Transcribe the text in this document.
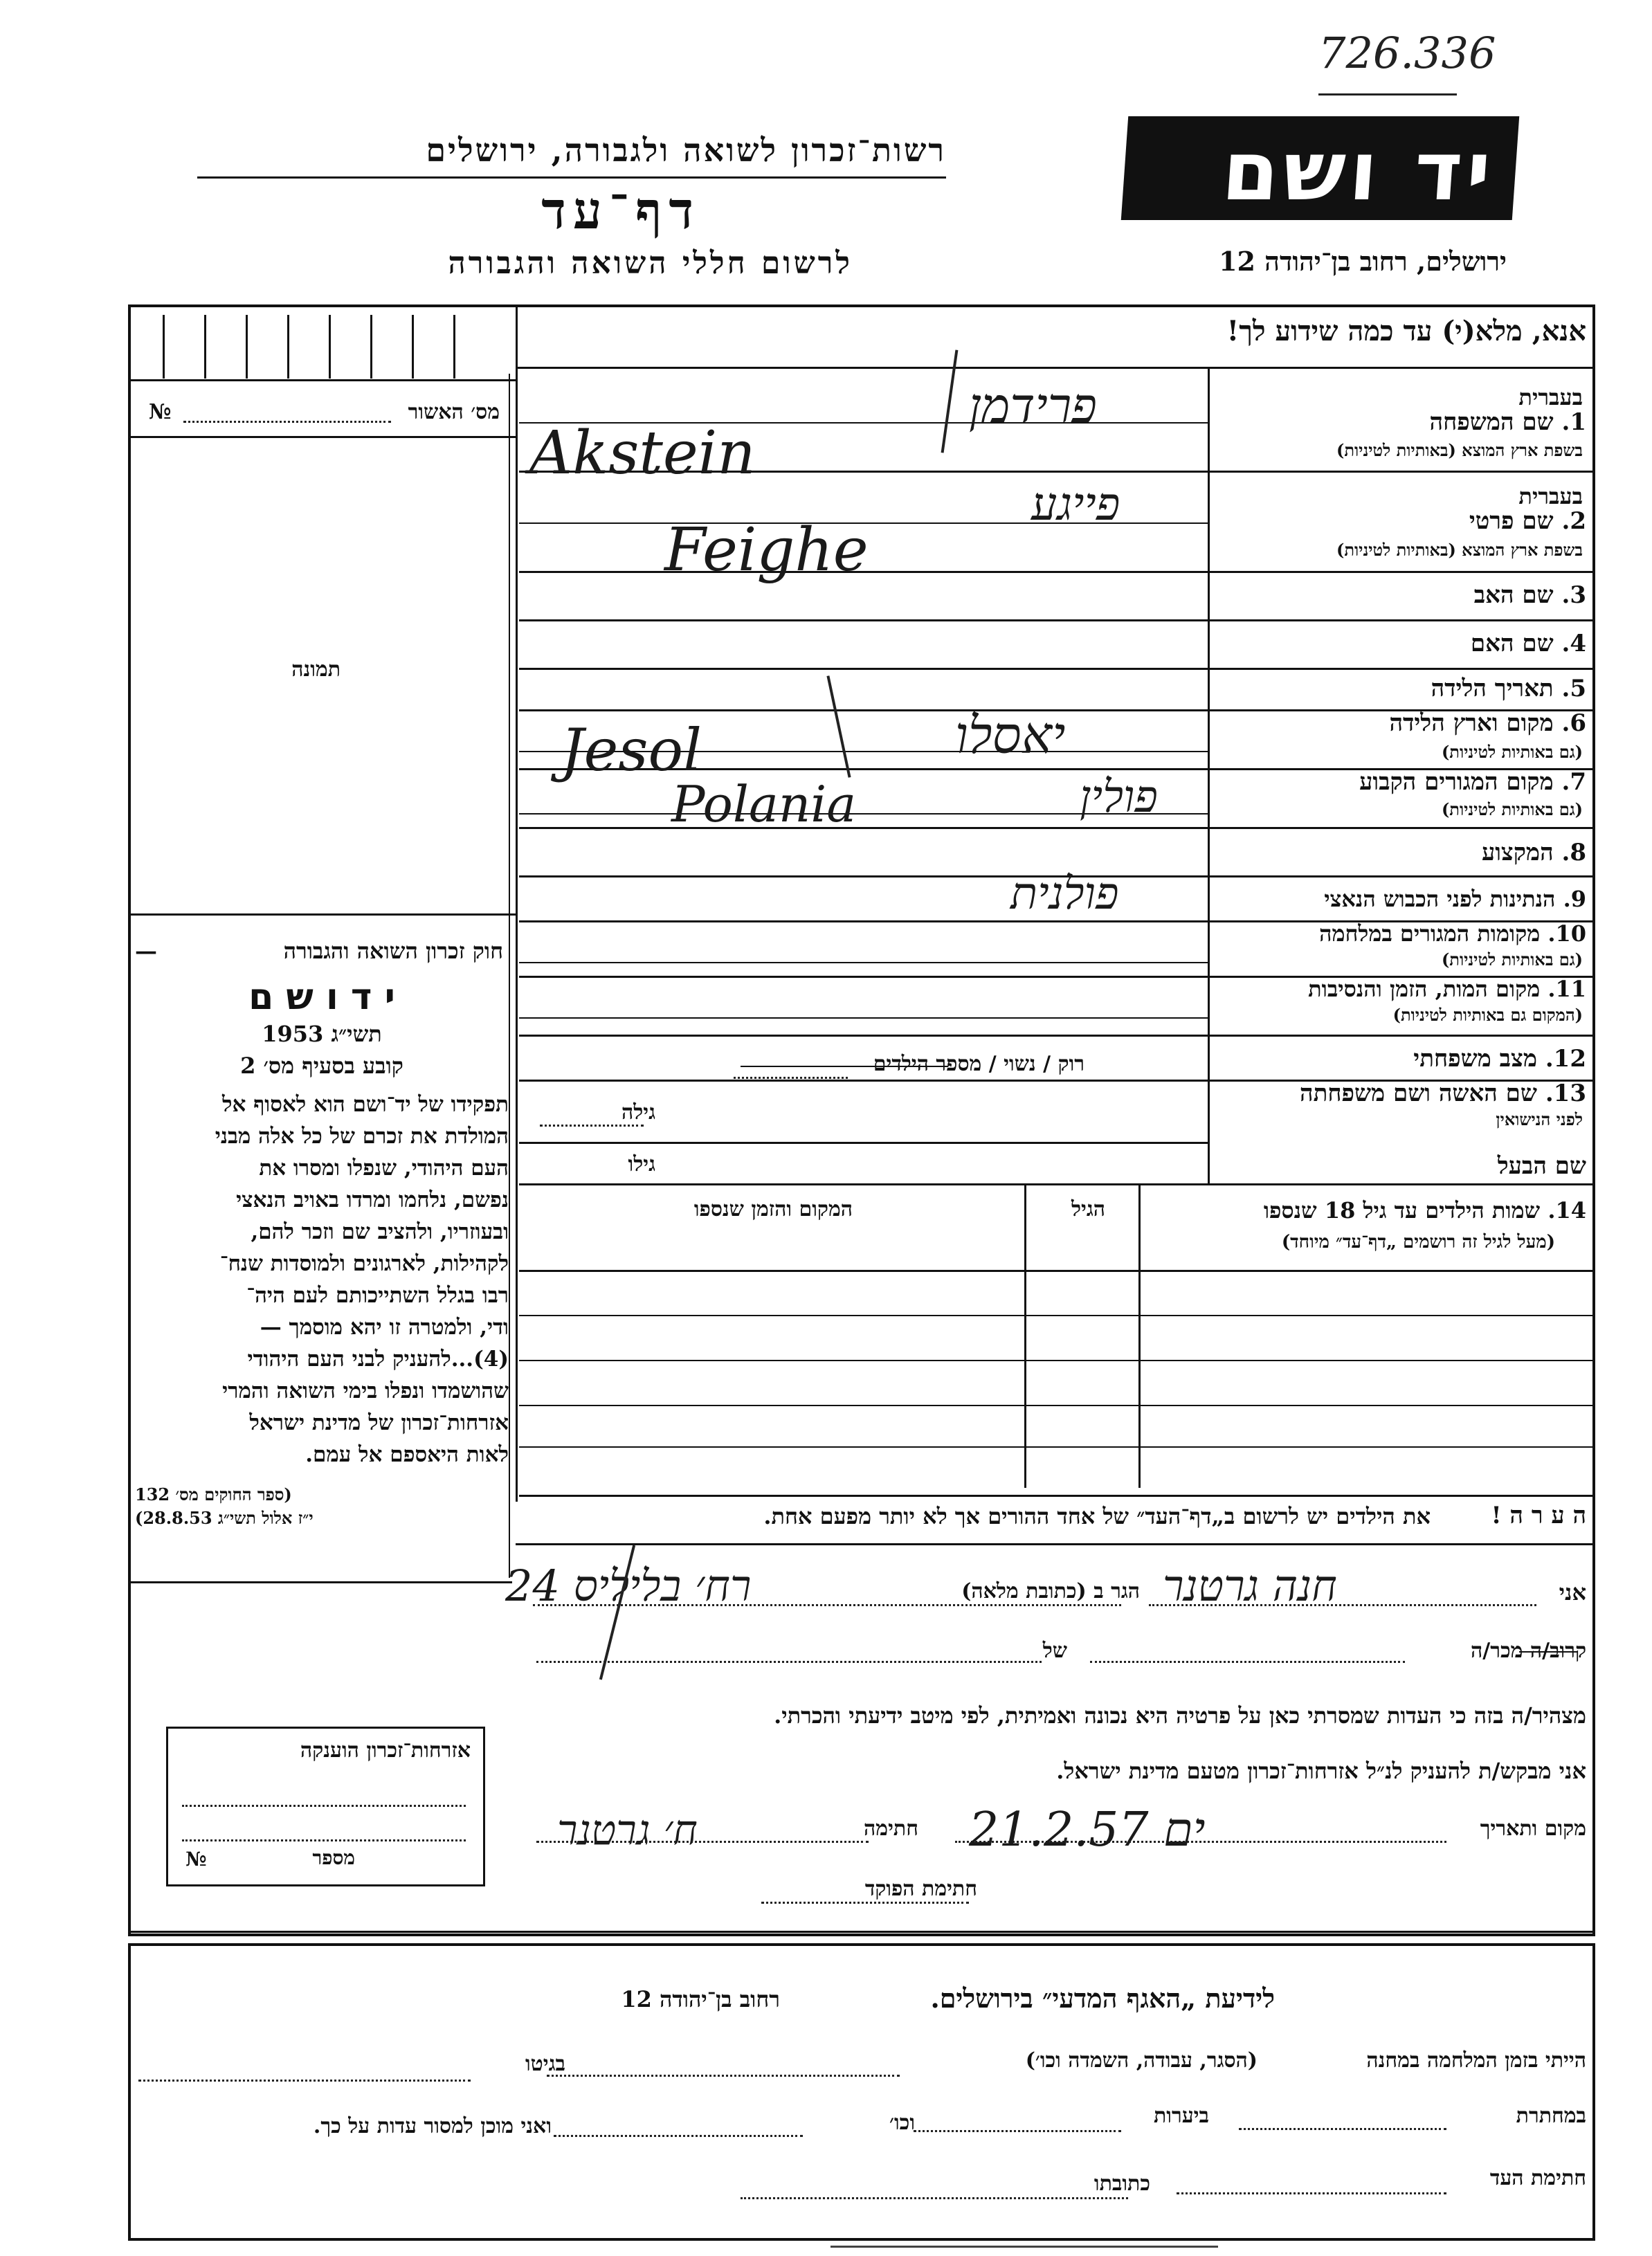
726.336
יד ושם
ירושלים, רחוב בן־יהודה 12
רשות־זכרון לשואה ולגבורה, ירושלים
דף־עד
לרשום חללי השואה והגבורה
אנא, מלא(י) עד כמה שידוע לך!
מס׳ האשור
№
תמונה
חוק זכרון השואה והגבורה
—
י ד ו ש ם
תשי״ג 1953
קובע בסעיף מס׳ 2
תפקידו של יד־ושם הוא לאסוף אל
המולדת את זכרם של כל אלה מבני
העם היהודי, שנפלו ומסרו את
נפשם, נלחמו ומרדו באויב הנאצי
ובעוזריו, ולהציב שם וזכר להם,
לקהילות, לארגונים ולמוסדות שנח־
רבו בגלל השתייכותם לעם היה־
ודי, ולמטרה זו יהא מוסמך —
(4)...להעניק לבני העם היהודי
שהושמדו ונפלו בימי השואה והמרי
אזרחות־זכרון של מדינת ישראל
לאות היאספם אל עמם.
(ספר החוקים מס׳ 132
י״ז אלול תשי״ג 28.8.53)
אזרחות־זכרון הוענקה
מספר
№
בעברית
1. שם המשפחה
בשפת ארץ המוצא (באותיות לטיניות)
בעברית
2. שם פרטי
בשפת ארץ המוצא (באותיות לטיניות)
3. שם האב
4. שם האם
5. תאריך הלידה
6. מקום וארץ הלידה
(גם באותיות לטיניות)
7. מקום המגורים הקבוע
(גם באותיות לטיניות)
8. המקצוע
9. הנתינות לפני הכבוש הנאצי
10. מקומות המגורים במלחמה
(גם באותיות לטיניות)
11. מקום המות, הזמן והנסיבות
(המקום גם באותיות לטיניות)
12. מצב משפחתי
13. שם האשה ושם משפחתה
לפני הנישואין
שם הבעל
רוק / נשוי / מספר הילדים
גילה
גילו
14. שמות הילדים עד גיל 18 שנספו
(מעל לגיל זה רושמים „דף־עד״ מיוחד)
הגיל
המקום והזמן שנספו
ה ע ר ה !
את הילדים יש לרשום ב„דף־העד״ של אחד ההורים אך לא יותר מפעם אחת.
אני
הגר ב (כתובת מלאה)
קרוב/ה מכר/ה
של
מצהיר/ה בזה כי העדות שמסרתי כאן על פרטיה היא נכונה ואמיתית, לפי מיטב ידיעתי והכרתי.
אני מבקש/ת להעניק לנ״ל אזרחות־זכרון מטעם מדינת ישראל.
מקום ותאריך
חתימה
חתימת הפוקד
פרידמן
Akstein
פייגע
Feighe
יאסלו
Jesol
פולין
Polania
פולנית
חנה גרטנר
רח׳ בליליס 24
ים 21.2.57
ח׳ גרטנר
לידיעת „האגף המדעי״ בירושלים.
רחוב בן־יהודה 12
הייתי בזמן המלחמה במחנה
(הסגר, עבודה, השמדה וכו׳)
בגיטו
במחתרת
ביערות
וכו׳
ואני מוכן למסור עדות על כך.
חתימת העד
כתובתו
